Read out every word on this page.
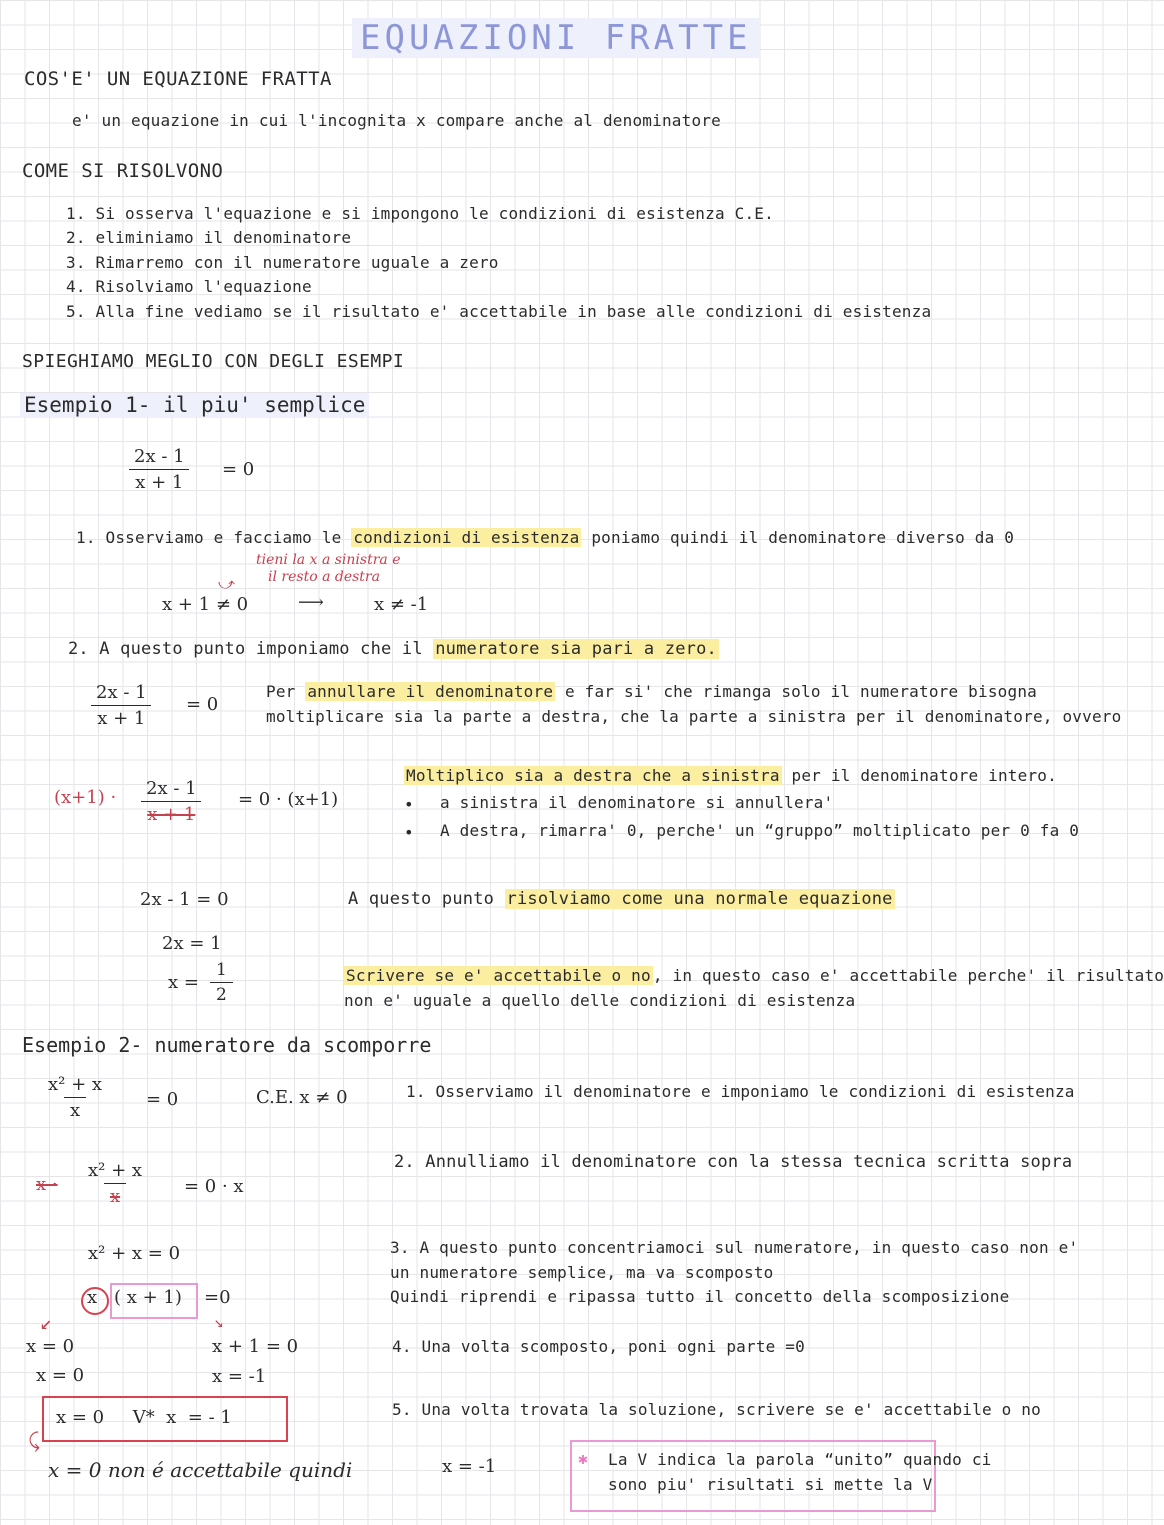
EQUAZIONI FRATTE
COS'E' UN EQUAZIONE FRATTA
e' un equazione in cui l'incognita x compare anche al denominatore
COME SI RISOLVONO
1. Si osserva l'equazione e si impongono le condizioni di esistenza C.E.
2. eliminiamo il denominatore
3. Rimarremo con il numeratore uguale a zero
4. Risolviamo l'equazione
5. Alla fine vediamo se il risultato e' accettabile in base alle condizioni di esistenza
SPIEGHIAMO MEGLIO CON DEGLI ESEMPI
Esempio 1- il piu' semplice
$\frac{2x - 1}{x + 1} = 0$
1. Osserviamo e facciamo le condizioni di esistenza poniamo quindi il denominatore diverso da 0
tieni la x a sinistra e
il resto a destra
⤻
x + 1 ≠ 0	⟶	x ≠ -1
2. A questo punto imponiamo che il numeratore sia pari a zero.
$\frac{2x - 1}{x + 1} = 0$
Per annullare il denominatore e far si' che rimanga solo il numeratore bisogna
moltiplicare sia la parte a destra, che la parte a sinistra per il denominatore, ovvero
$(x+1) \cdot \frac{2x - 1}{x + 1} = 0 \cdot (x+1)$
Moltiplico sia a destra che a sinistra per il denominatore intero.
• a sinistra il denominatore si annullera'
• A destra, rimarra' 0, perche' un “gruppo” moltiplicato per 0 fa 0
2x - 1 = 0
2x = 1
$x = \frac{1}{2}$
A questo punto risolviamo come una normale equazione
Scrivere se e' accettabile o no , in questo caso e' accettabile perche' il risultato
non e' uguale a quello delle condizioni di esistenza
Esempio 2- numeratore da scomporre
$\frac{\text{x² + x}}{x} = 0$	C.E. x ≠ 0
$x \cdot \frac{\text{x² + x}}{x} = 0 \cdot x$
x² + x = 0
x ( x + 1) =0
↙	↘
x = 0
x = 0
x + 1 = 0
x = -1
x = 0     V*  x  = - 1
⤹
x = 0 non é accettabile quindi	x = -1
1. Osserviamo il denominatore e imponiamo le condizioni di esistenza
2. Annulliamo il denominatore con la stessa tecnica scritta sopra
3. A questo punto concentriamoci sul numeratore, in questo caso non e'
un numeratore semplice, ma va scomposto
Quindi riprendi e ripassa tutto il concetto della scomposizione
4. Una volta scomposto, poni ogni parte =0
5. Una volta trovata la soluzione, scrivere se e' accettabile o no
✱ La V indica la parola “unito” quando ci
sono piu' risultati si mette la V
